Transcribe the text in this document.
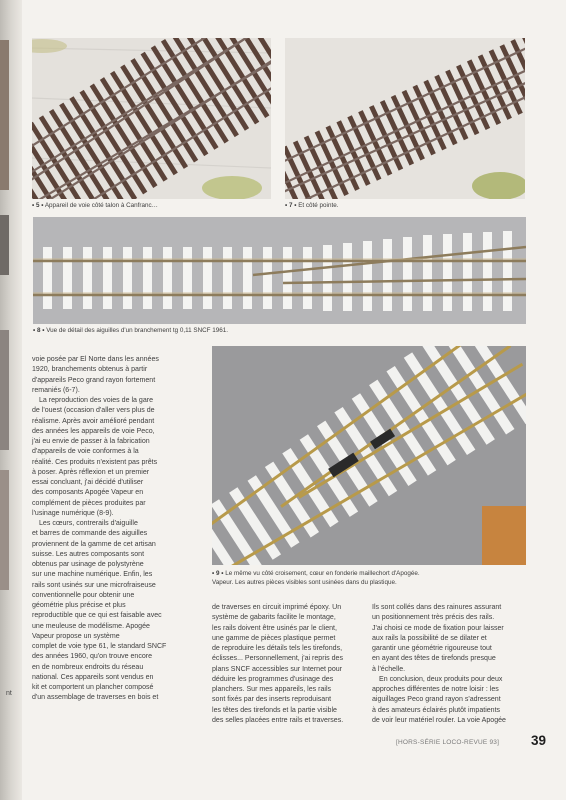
nt
• 5 • Appareil de voie côté talon à Canfranc…	• 7 • Et côté pointe.
• 8 • Vue de détail des aiguilles d'un branchement tg 0,11 SNCF 1961.
• 9 • Le même vu côté croisement, cœur en fonderie maillechort d'Apogée.
Vapeur. Les autres pièces visibles sont usinées dans du plastique.

voie posée par El Norte dans les années

1920, branchements obtenus à partir

d'appareils Peco grand rayon fortement

remaniés (6-7).

La reproduction des voies de la gare

de l'ouest (occasion d'aller vers plus de

réalisme. Après avoir amélioré pendant

des années les appareils de voie Peco,

j'ai eu envie de passer à la fabrication

d'appareils de voie conformes à la

réalité. Ces produits n'existent pas prêts

à poser. Après réflexion et un premier

essai concluant, j'ai décidé d'utiliser

des composants Apogée Vapeur en

complément de pièces produites par

l'usinage numérique (8-9).

Les cœurs, contrerails d'aiguille

et barres de commande des aiguilles

proviennent de la gamme de cet artisan

suisse. Les autres composants sont

obtenus par usinage de polystyrène

sur une machine numérique. Enfin, les

rails sont usinés sur une microfraiseuse

conventionnelle pour obtenir une

géométrie plus précise et plus

reproductible que ce qui est faisable avec

une meuleuse de modélisme. Apogée

Vapeur propose un système

complet de voie type 61, le standard SNCF

des années 1960, qu'on trouve encore

en de nombreux endroits du réseau

national. Ces appareils sont vendus en

kit et comportent un plancher composé

d'un assemblage de traverses en bois et

de traverses en circuit imprimé époxy. Un

système de gabarits facilite le montage,

les rails doivent être usinés par le client,

une gamme de pièces plastique permet

de reproduire les détails tels les tirefonds,

éclisses... Personnellement, j'ai repris des

plans SNCF accessibles sur Internet pour

déduire les programmes d'usinage des

planchers. Sur mes appareils, les rails

sont fixés par des inserts reproduisant

les têtes des tirefonds et la partie visible

des selles placées entre rails et traverses.

Ils sont collés dans des rainures assurant

un positionnement très précis des rails.

J'ai choisi ce mode de fixation pour laisser

aux rails la possibilité de se dilater et

garantir une géométrie rigoureuse tout

en ayant des têtes de tirefonds presque

à l'échelle.

En conclusion, deux produits pour deux

approches différentes de notre loisir : les

aiguillages Peco grand rayon s'adressent

à des amateurs éclairés plutôt impatients

de voir leur matériel rouler. La voie Apogée

[HORS-SÉRIE LOCO-REVUE 93] 39
